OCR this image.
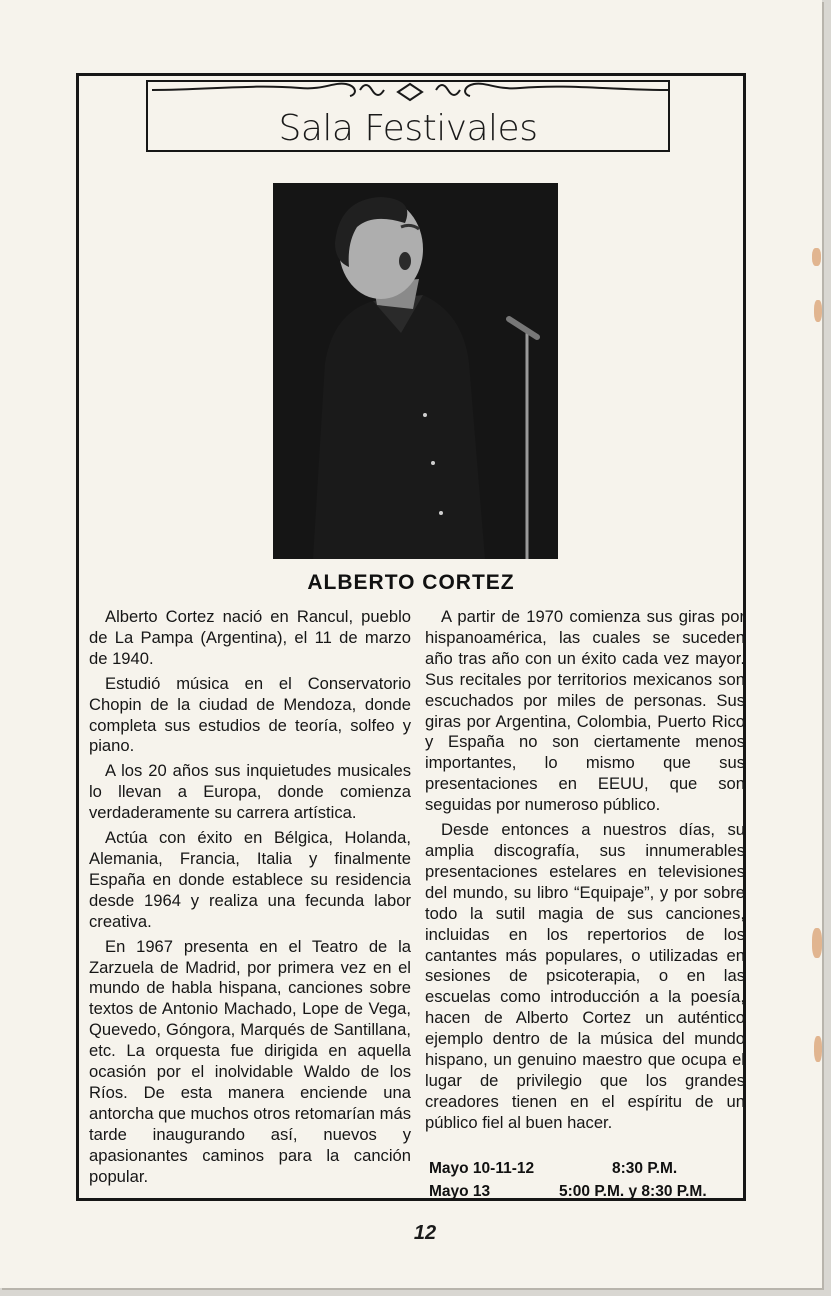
Sala Festivales
ALBERTO CORTEZ

Alberto Cortez nació en Rancul, pueblo de La Pampa (Argentina), el 11 de marzo de 1940.

Estudió música en el Conservatorio Chopin de la ciudad de Mendoza, donde completa sus estudios de teoría, solfeo y piano.

A los 20 años sus inquietudes musicales lo llevan a Europa, donde comienza verdaderamente su carrera artística.

Actúa con éxito en Bélgica, Holanda, Alemania, Francia, Italia y finalmente España en donde establece su residencia desde 1964 y realiza una fecunda labor creativa.

En 1967 presenta en el Teatro de la Zarzuela de Madrid, por primera vez en el mundo de habla hispana, canciones sobre textos de Antonio Machado, Lope de Vega, Quevedo, Góngora, Marqués de Santillana, etc. La orquesta fue dirigida en aquella ocasión por el inolvidable Waldo de los Ríos. De esta manera enciende una antorcha que muchos otros retomarían más tarde inaugurando así, nuevos y apasionantes caminos para la canción popular.

A partir de 1970 comienza sus giras por hispanoamérica, las cuales se suceden año tras año con un éxito cada vez mayor. Sus recitales por territorios mexicanos son escuchados por miles de personas. Sus giras por Argentina, Colombia, Puerto Rico y España no son ciertamente menos importantes, lo mismo que sus presentaciones en EEUU, que son seguidas por numeroso público.

Desde entonces a nuestros días, su amplia discografía, sus innumerables presentaciones estelares en televisiones del mundo, su libro “Equipaje”, y por sobre todo la sutil magia de sus canciones, incluidas en los repertorios de los cantantes más populares, o utilizadas en sesiones de psicoterapia, o en las escuelas como introducción a la poesía, hacen de Alberto Cortez un auténtico ejemplo dentro de la música del mundo hispano, un genuino maestro que ocupa el lugar de privilegio que los grandes creadores tienen en el espíritu de un público fiel al buen hacer.

Mayo 10-11-12	8:30 P.M.
Mayo 13	5:00 P.M. y 8:30 P.M.
12
